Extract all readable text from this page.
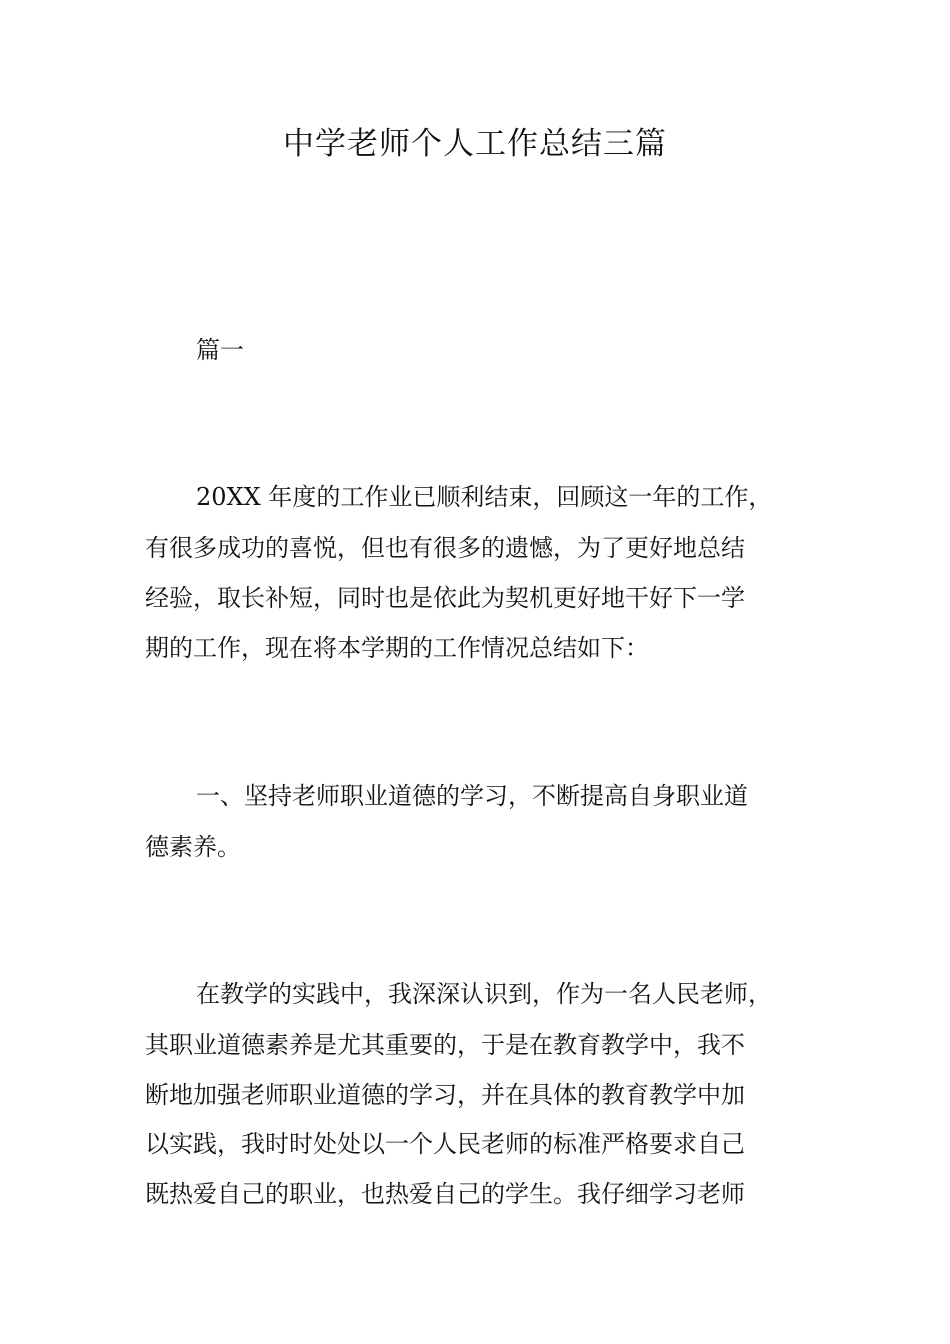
中学老师个人工作总结三篇
篇一
20XX 年度的工作业已顺利结束，回顾这一年的工作，
有很多成功的喜悦，但也有很多的遗憾，为了更好地总结
经验，取长补短，同时也是依此为契机更好地干好下一学
期的工作，现在将本学期的工作情况总结如下：
一、坚持老师职业道德的学习，不断提高自身职业道
德素养。
在教学的实践中，我深深认识到，作为一名人民老师，
其职业道德素养是尤其重要的，于是在教育教学中，我不
断地加强老师职业道德的学习，并在具体的教育教学中加
以实践，我时时处处以一个人民老师的标准严格要求自己
既热爱自己的职业，也热爱自己的学生。我仔细学习老师
